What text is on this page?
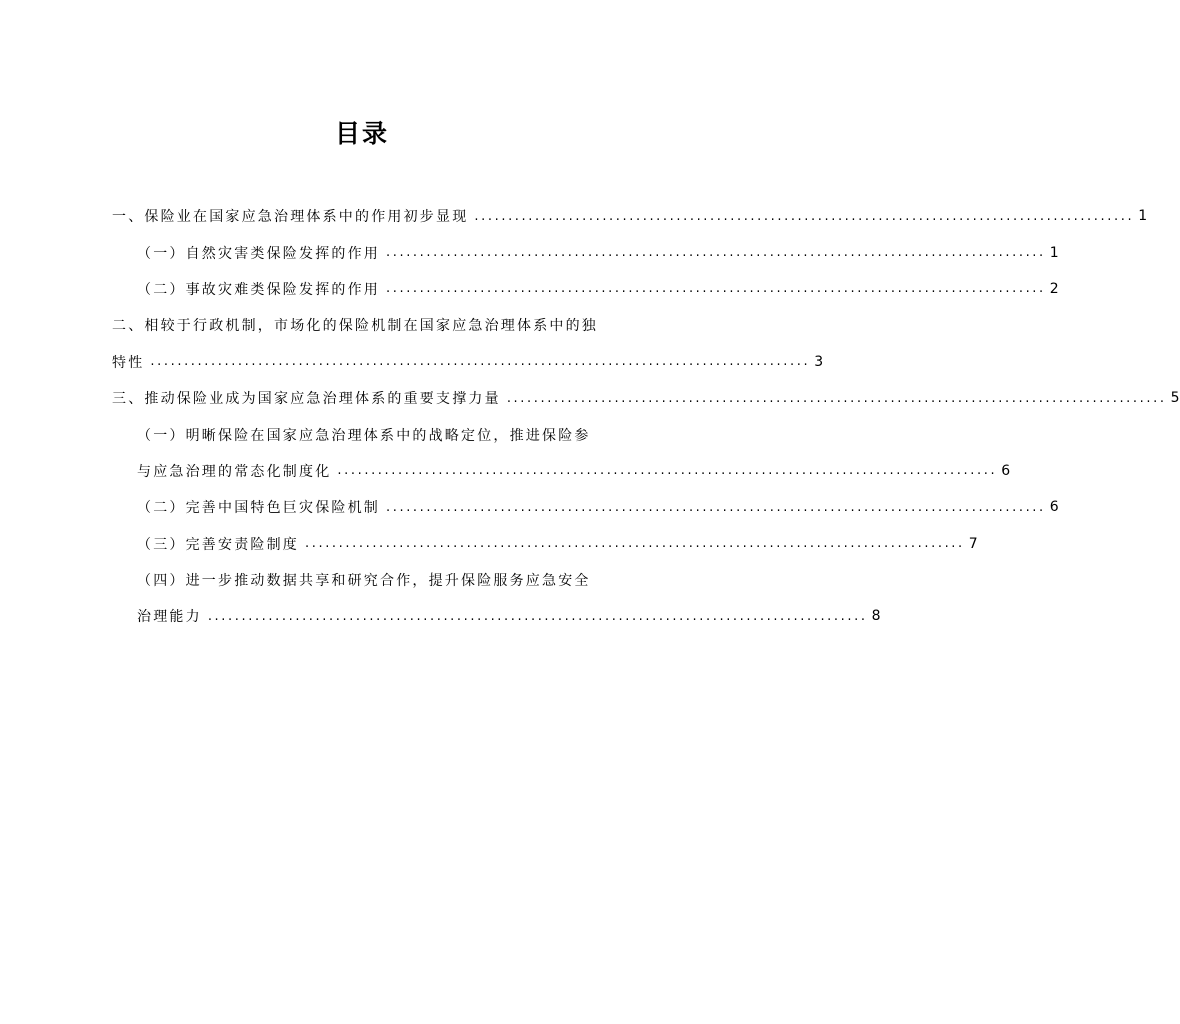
目录
一、保险业在国家应急治理体系中的作用初步显现 .................................................................................................. 1
（一）自然灾害类保险发挥的作用 .................................................................................................. 1
（二）事故灾难类保险发挥的作用 .................................................................................................. 2
二、相较于行政机制，市场化的保险机制在国家应急治理体系中的独
特性 .................................................................................................. 3
三、推动保险业成为国家应急治理体系的重要支撑力量 .................................................................................................. 5
（一）明晰保险在国家应急治理体系中的战略定位，推进保险参
与应急治理的常态化制度化 .................................................................................................. 6
（二）完善中国特色巨灾保险机制 .................................................................................................. 6
（三）完善安责险制度 .................................................................................................. 7
（四）进一步推动数据共享和研究合作，提升保险服务应急安全
治理能力 .................................................................................................. 8
